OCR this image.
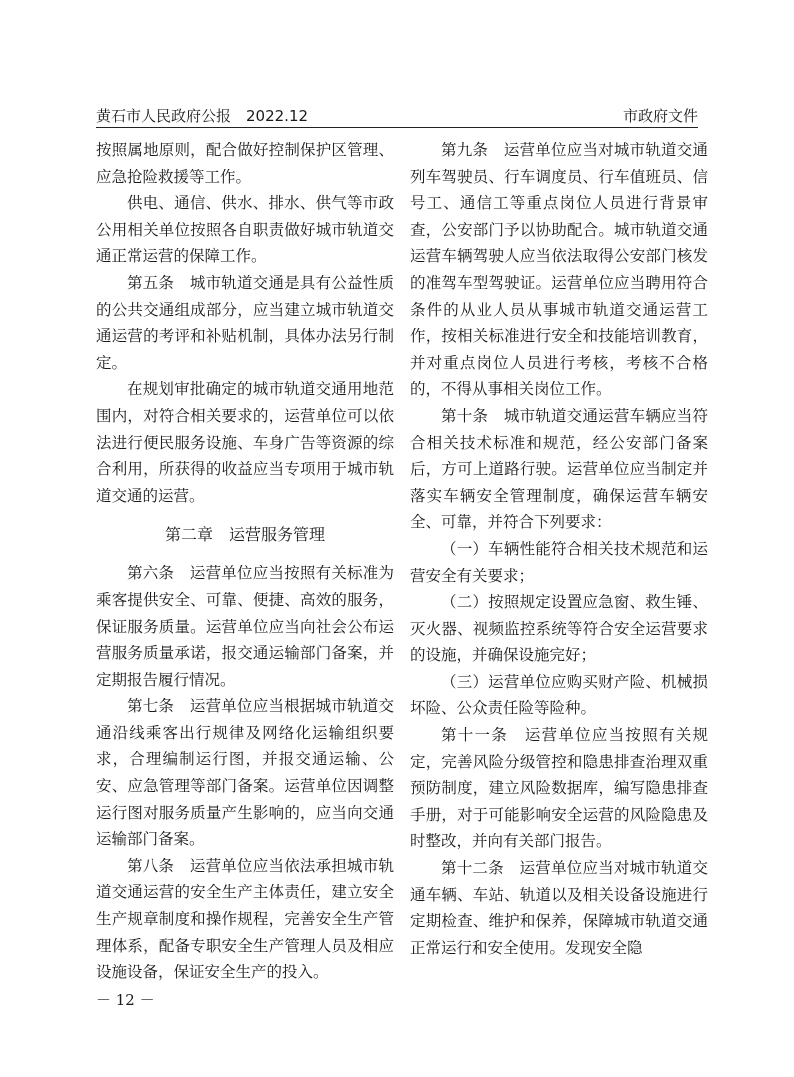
黄石市人民政府公报　2022.12	市政府文件

按照属地原则，配合做好控制保护区管理、应急抢险救援等工作。

供电、通信、供水、排水、供气等市政公用相关单位按照各自职责做好城市轨道交通正常运营的保障工作。

第五条　城市轨道交通是具有公益性质的公共交通组成部分，应当建立城市轨道交通运营的考评和补贴机制，具体办法另行制定。

在规划审批确定的城市轨道交通用地范围内，对符合相关要求的，运营单位可以依法进行便民服务设施、车身广告等资源的综合利用，所获得的收益应当专项用于城市轨道交通的运营。

第二章　运营服务管理

第六条　运营单位应当按照有关标准为乘客提供安全、可靠、便捷、高效的服务，保证服务质量。运营单位应当向社会公布运营服务质量承诺，报交通运输部门备案，并定期报告履行情况。

第七条　运营单位应当根据城市轨道交通沿线乘客出行规律及网络化运输组织要求，合理编制运行图，并报交通运输、公安、应急管理等部门备案。运营单位因调整运行图对服务质量产生影响的，应当向交通运输部门备案。

第八条　运营单位应当依法承担城市轨道交通运营的安全生产主体责任，建立安全生产规章制度和操作规程，完善安全生产管理体系，配备专职安全生产管理人员及相应设施设备，保证安全生产的投入。

第九条　运营单位应当对城市轨道交通列车驾驶员、行车调度员、行车值班员、信号工、通信工等重点岗位人员进行背景审查，公安部门予以协助配合。城市轨道交通运营车辆驾驶人应当依法取得公安部门核发的准驾车型驾驶证。运营单位应当聘用符合条件的从业人员从事城市轨道交通运营工作，按相关标准进行安全和技能培训教育，并对重点岗位人员进行考核，考核不合格的，不得从事相关岗位工作。

第十条　城市轨道交通运营车辆应当符合相关技术标准和规范，经公安部门备案后，方可上道路行驶。运营单位应当制定并落实车辆安全管理制度，确保运营车辆安全、可靠，并符合下列要求：

（一）车辆性能符合相关技术规范和运营安全有关要求；

（二）按照规定设置应急窗、救生锤、灭火器、视频监控系统等符合安全运营要求的设施，并确保设施完好；

（三）运营单位应购买财产险、机械损坏险、公众责任险等险种。

第十一条　运营单位应当按照有关规定，完善风险分级管控和隐患排查治理双重预防制度，建立风险数据库，编写隐患排查手册，对于可能影响安全运营的风险隐患及时整改，并向有关部门报告。

第十二条　运营单位应当对城市轨道交通车辆、车站、轨道以及相关设备设施进行定期检查、维护和保养，保障城市轨道交通正常运行和安全使用。发现安全隐

－ 12 －
